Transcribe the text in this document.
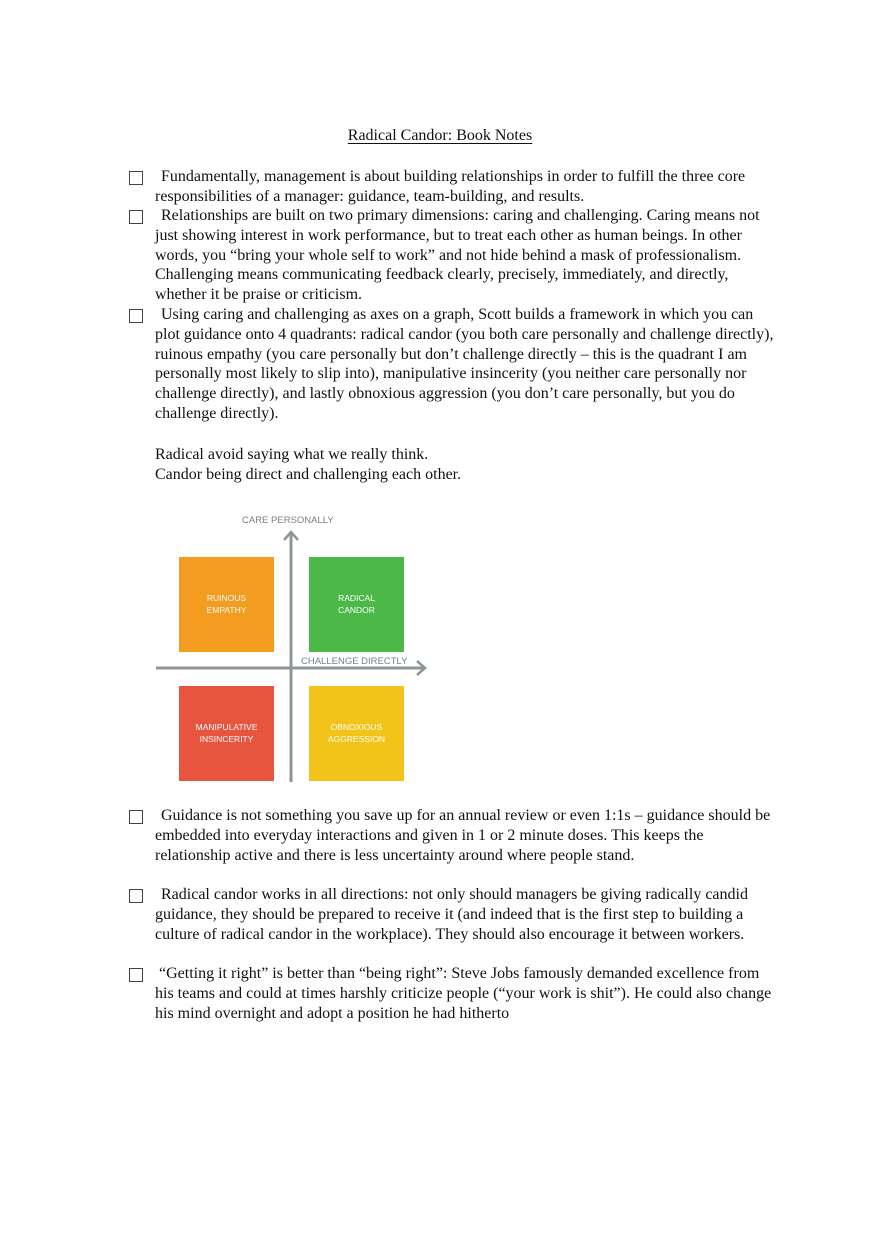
Radical Candor: Book Notes
Fundamentally, management is about building relationships in order to fulfill the three core responsibilities of a manager: guidance, team-building, and results.
Relationships are built on two primary dimensions: caring and challenging. Caring means not just showing interest in work performance, but to treat each other as human beings. In other words, you “bring your whole self to work” and not hide behind a mask of professionalism. Challenging means communicating feedback clearly, precisely, immediately, and directly, whether it be praise or criticism.
Using caring and challenging as axes on a graph, Scott builds a framework in which you can plot guidance onto 4 quadrants: radical candor (you both care personally and challenge directly), ruinous empathy (you care personally but don’t challenge directly – this is the quadrant I am personally most likely to slip into), manipulative insincerity (you neither care personally nor challenge directly), and lastly obnoxious aggression (you don’t care personally, but you do challenge directly).
Radical avoid saying what we really think.
Candor being direct and challenging each other.
CARE PERSONALLY
CHALLENGE DIRECTLY
RUINOUS
EMPATHY
RADICAL
CANDOR
MANIPULATIVE
INSINCERITY
OBNOXIOUS
AGGRESSION
Guidance is not something you save up for an annual review or even 1:1s – guidance should be embedded into everyday interactions and given in 1 or 2 minute doses. This keeps the relationship active and there is less uncertainty around where people stand.
Radical candor works in all directions: not only should managers be giving radically candid guidance, they should be prepared to receive it (and indeed that is the first step to building a culture of radical candor in the workplace). They should also encourage it between workers.
“Getting it right” is better than “being right”: Steve Jobs famously demanded excellence from his teams and could at times harshly criticize people (“your work is shit”). He could also change his mind overnight and adopt a position he had hitherto
